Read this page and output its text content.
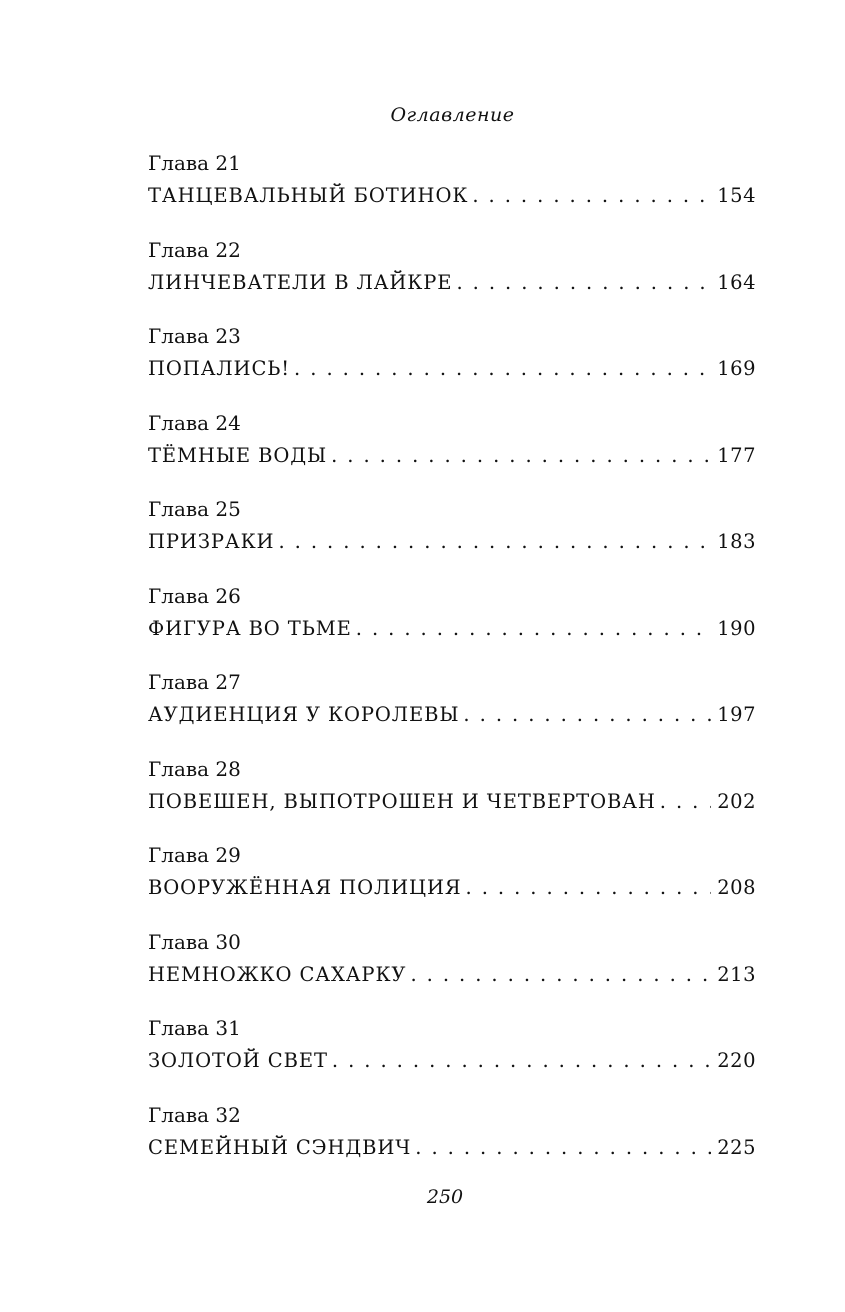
Оглавление
Глава 21
ТАНЦЕВАЛЬНЫЙ БОТИНОК . . .	154
Глава 22
ЛИНЧЕВАТЕЛИ В ЛАЙКРЕ . . .	164
Глава 23
ПОПАЛИСЬ! . . .	169
Глава 24
ТЁМНЫЕ ВОДЫ . . .	177
Глава 25
ПРИЗРАКИ . . .	183
Глава 26
ФИГУРА ВО ТЬМЕ . . .	190
Глава 27
АУДИЕНЦИЯ У КОРОЛЕВЫ . . .	197
Глава 28
ПОВЕШЕН, ВЫПОТРОШЕН И ЧЕТВЕРТОВАН . . .	202
Глава 29
ВООРУЖЁННАЯ ПОЛИЦИЯ . . .	208
Глава 30
НЕМНОЖКО САХАРКУ . . .	213
Глава 31
ЗОЛОТОЙ СВЕТ . . .	220
Глава 32
СЕМЕЙНЫЙ СЭНДВИЧ . . .	225
250
